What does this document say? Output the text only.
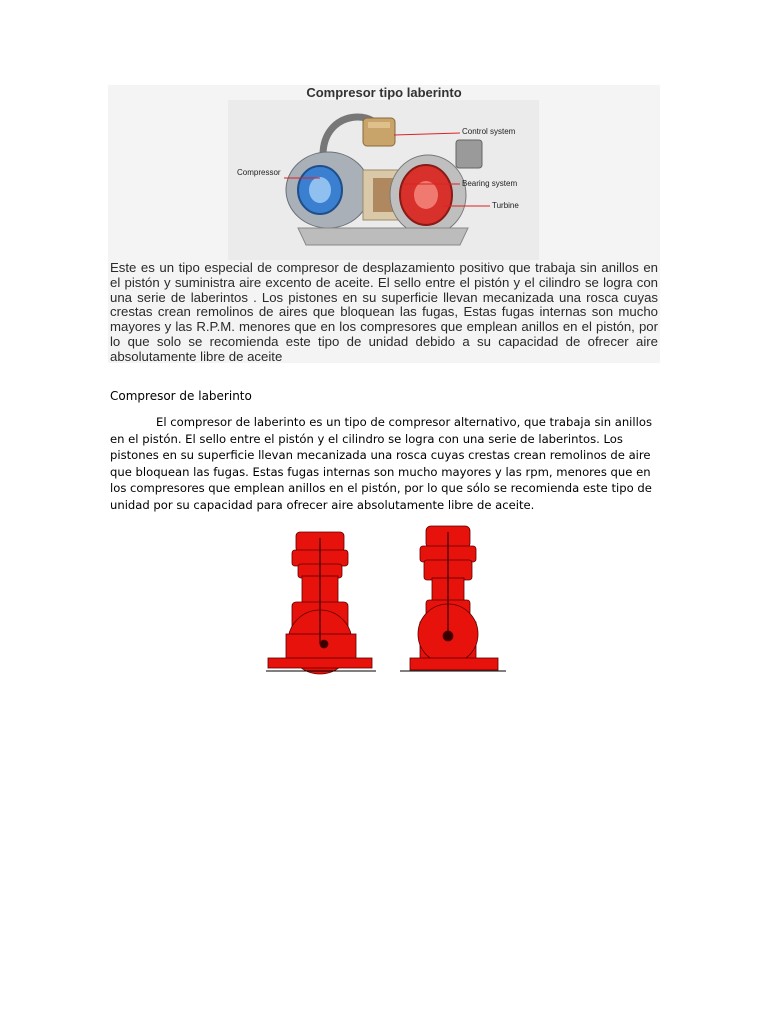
Compresor tipo laberinto
Control system
Compressor
Bearing system
Turbine
Este es un tipo especial de compresor de desplazamiento positivo que trabaja sin anillos en el pistón y suministra aire excento de aceite. El sello entre el pistón y el cilindro se logra con una serie de laberintos . Los pistones en su superficie llevan mecanizada una rosca cuyas crestas crean remolinos de aires que bloquean las fugas, Estas fugas internas son mucho mayores y las R.P.M. menores que en los compresores que emplean anillos en el pistón, por lo que solo se recomienda este tipo de unidad debido a su capacidad de ofrecer aire absolutamente libre de aceite
Compresor de laberinto
El compresor de laberinto es un tipo de compresor alternativo, que trabaja sin anillos en el pistón. El sello entre el pistón y el cilindro se logra con una serie de laberintos. Los pistones en su superficie llevan mecanizada una rosca cuyas crestas crean remolinos de aire que bloquean las fugas. Estas fugas internas son mucho mayores y las rpm, menores que en los compresores que emplean anillos en el pistón, por lo que sólo se recomienda este tipo de unidad por su capacidad para ofrecer aire absolutamente libre de aceite.
